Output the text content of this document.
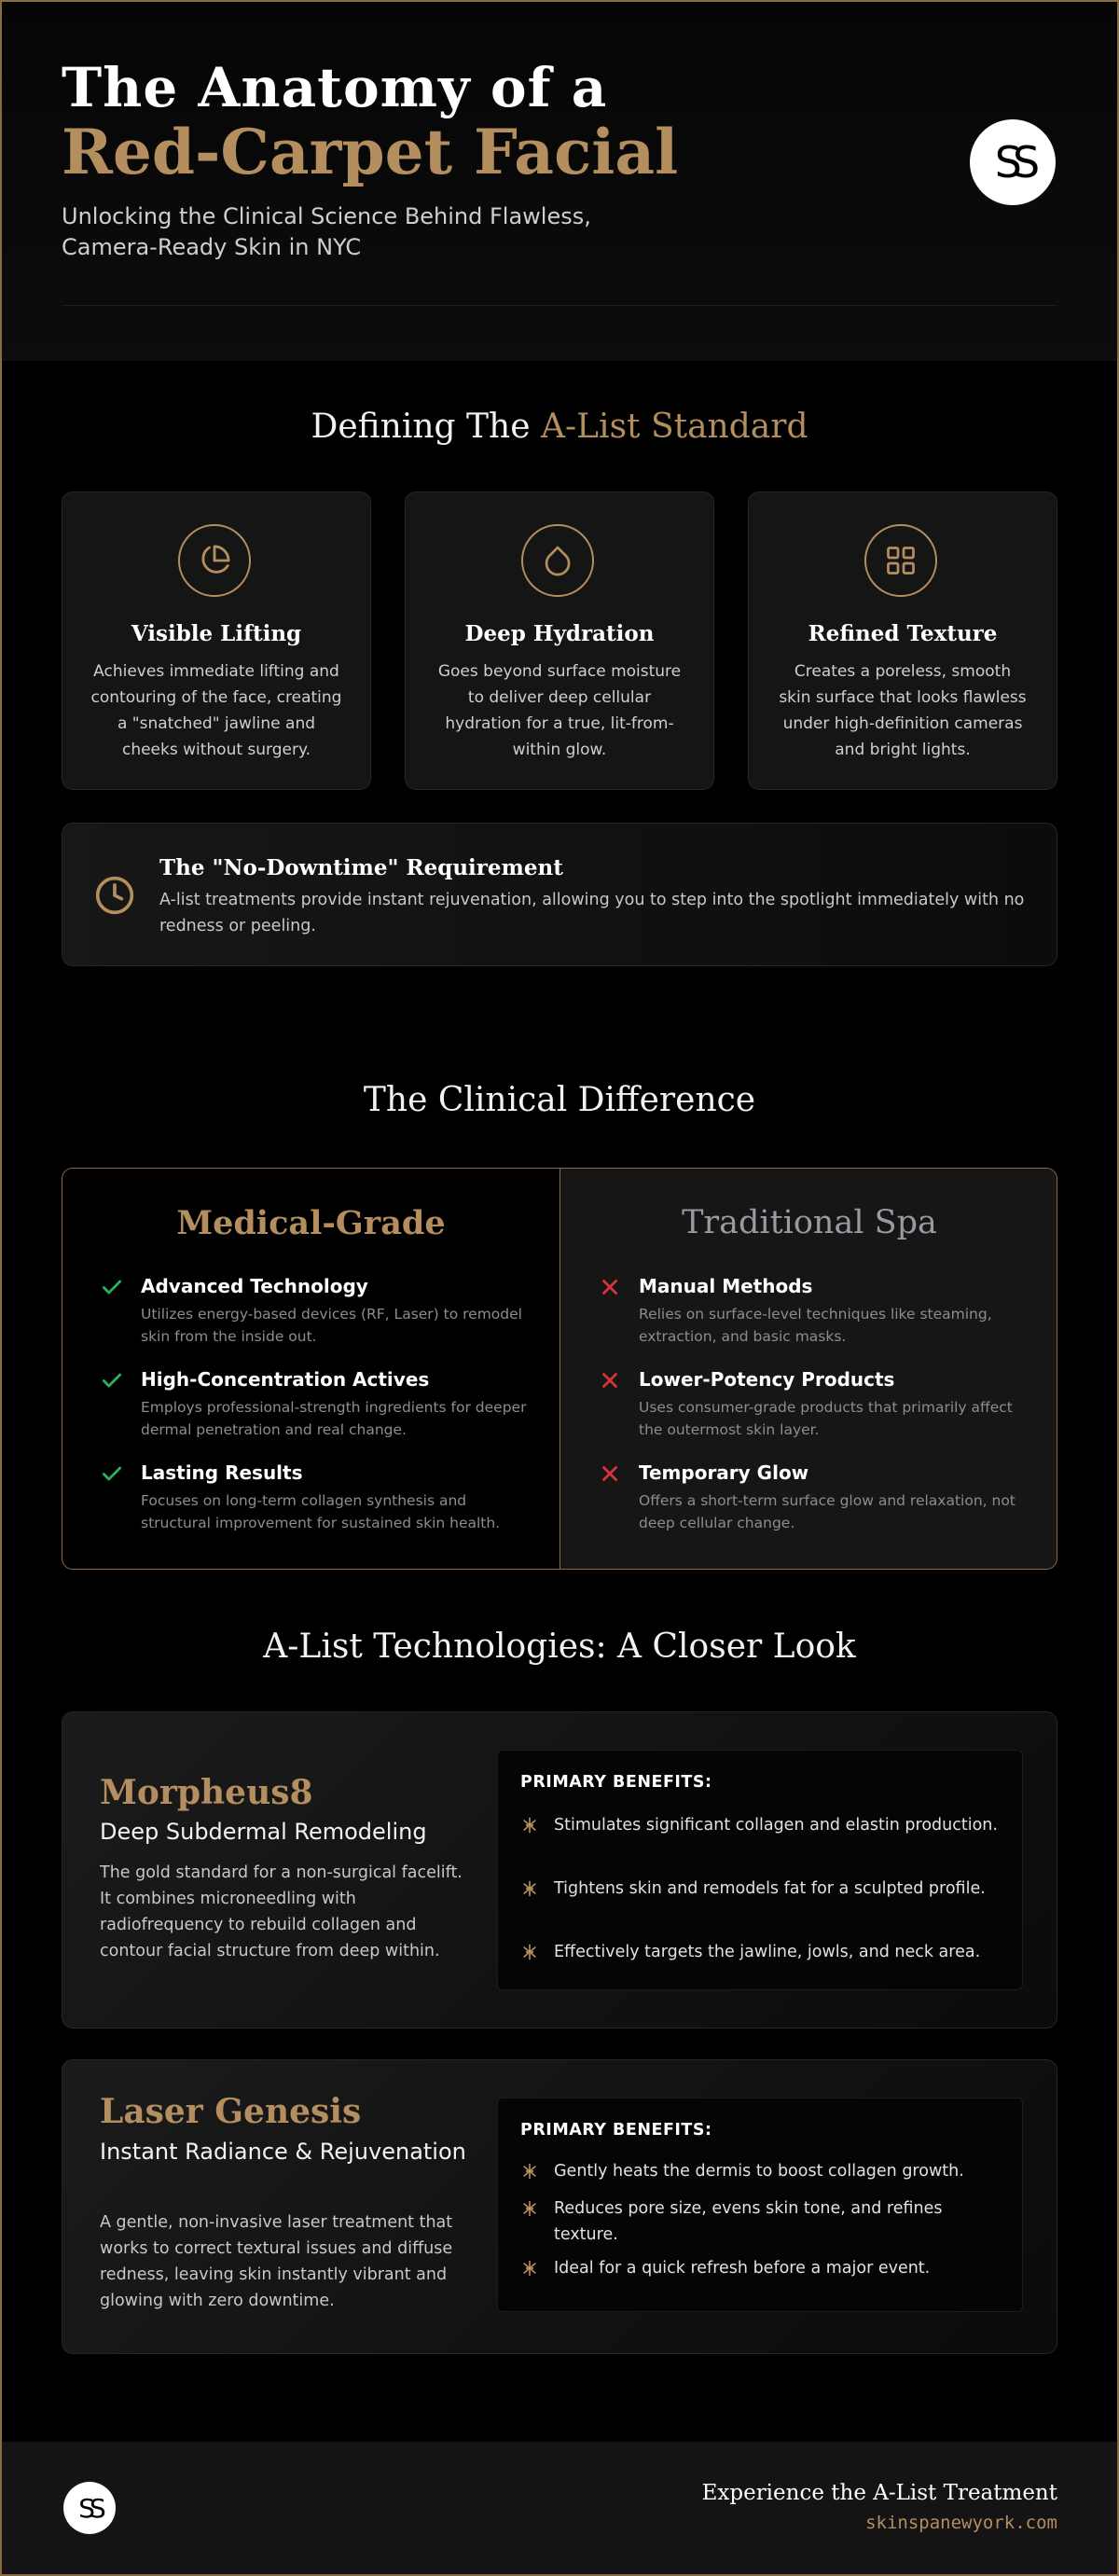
The Anatomy of a
Red-Carpet Facial
Unlocking the Clinical Science Behind Flawless, Camera-Ready Skin in NYC
SS
Defining The A-List Standard
Visible Lifting
Achieves immediate lifting and contouring of the face, creating a "snatched" jawline and cheeks without surgery.
Deep Hydration
Goes beyond surface moisture to deliver deep cellular hydration for a true, lit-from-within glow.
Refined Texture
Creates a poreless, smooth skin surface that looks flawless under high-definition cameras and bright lights.
The "No-Downtime" Requirement
A-list treatments provide instant rejuvenation, allowing you to step into the spotlight immediately with no redness or peeling.
The Clinical Difference
Medical-Grade
Advanced Technology
Utilizes energy-based devices (RF, Laser) to remodel skin from the inside out.
High-Concentration Actives
Employs professional-strength ingredients for deeper dermal penetration and real change.
Lasting Results
Focuses on long-term collagen synthesis and structural improvement for sustained skin health.
Traditional Spa
Manual Methods
Relies on surface-level techniques like steaming, extraction, and basic masks.
Lower-Potency Products
Uses consumer-grade products that primarily affect the outermost skin layer.
Temporary Glow
Offers a short-term surface glow and relaxation, not deep cellular change.
A-List Technologies: A Closer Look
Morpheus8
Deep Subdermal Remodeling
The gold standard for a non-surgical facelift. It combines microneedling with radiofrequency to rebuild collagen and contour facial structure from deep within.
PRIMARY BENEFITS:
Stimulates significant collagen and elastin production.
Tightens skin and remodels fat for a sculpted profile.
Effectively targets the jawline, jowls, and neck area.
Laser Genesis
Instant Radiance & Rejuvenation
A gentle, non-invasive laser treatment that works to correct textural issues and diffuse redness, leaving skin instantly vibrant and glowing with zero downtime.
PRIMARY BENEFITS:
Gently heats the dermis to boost collagen growth.
Reduces pore size, evens skin tone, and refines texture.
Ideal for a quick refresh before a major event.
SS	Experience the A-List Treatment
skinspanewyork.com
